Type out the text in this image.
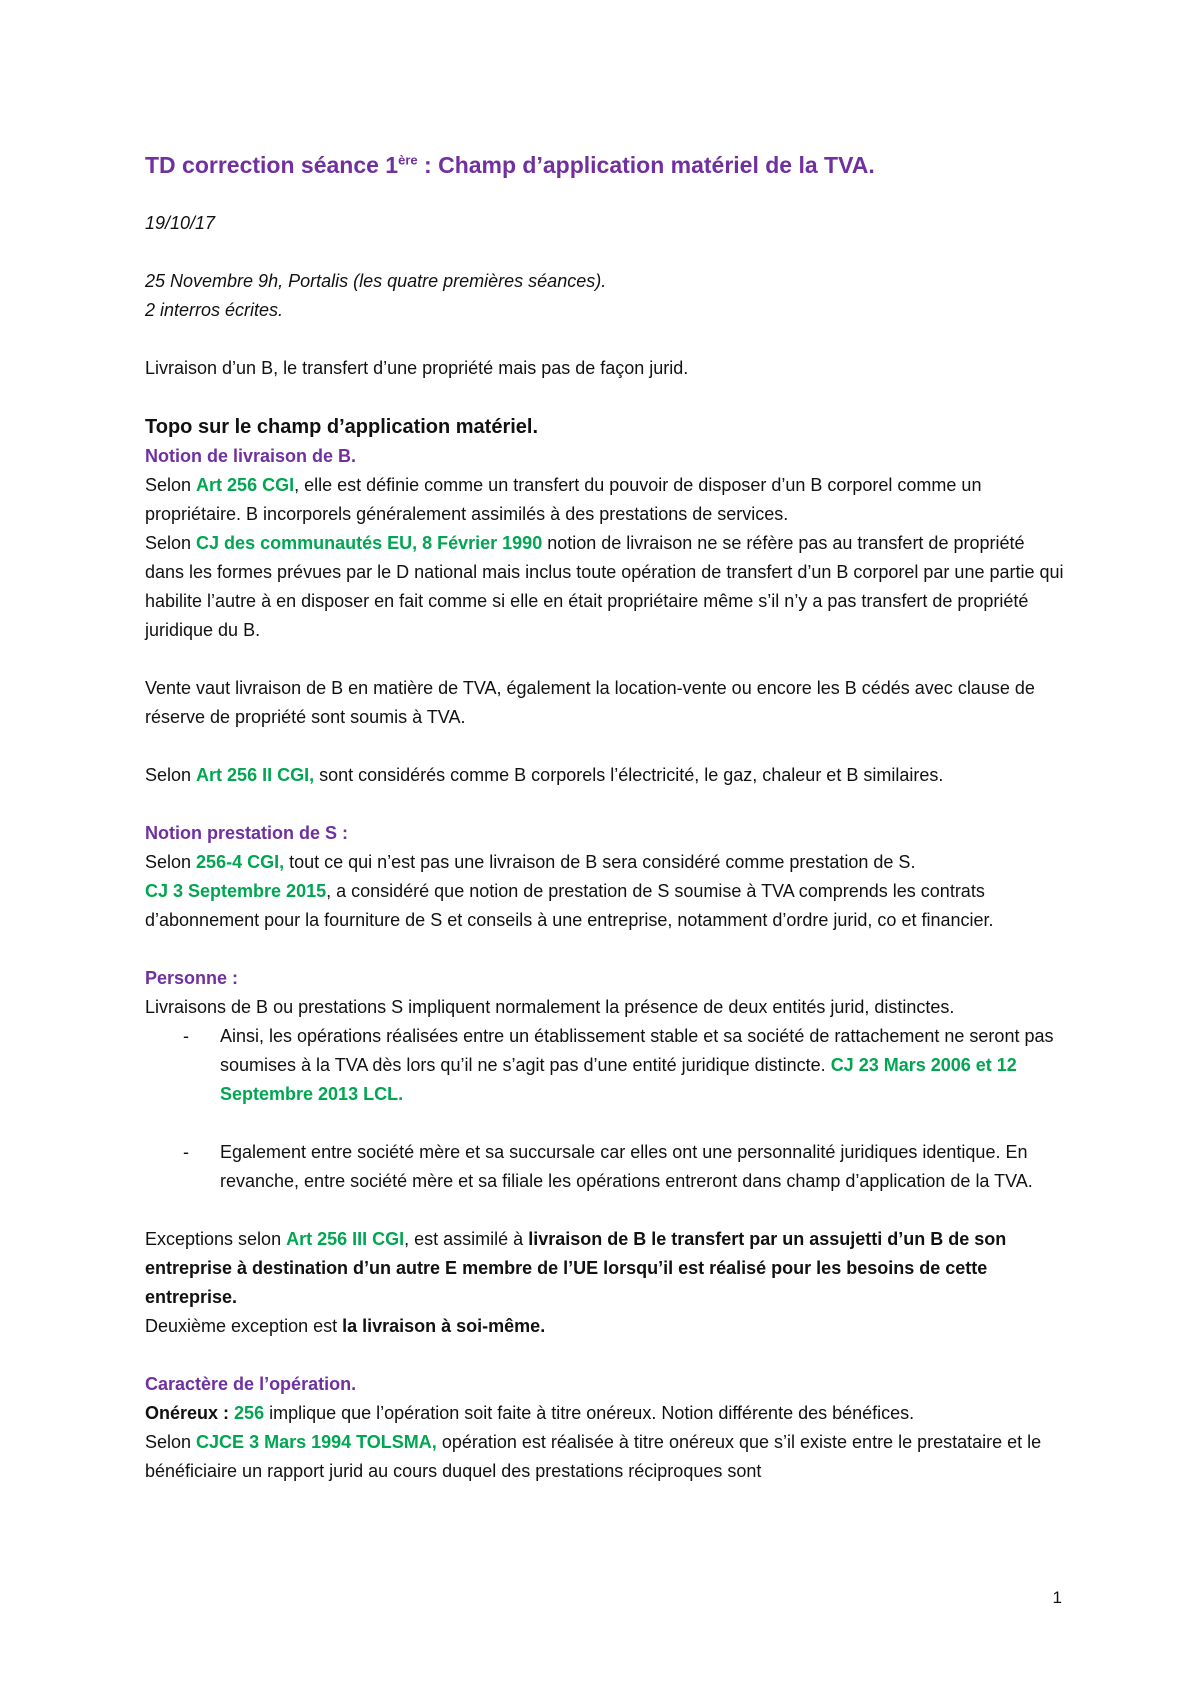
TD correction séance 1ère : Champ d’application matériel de la TVA.

19/10/17

25 Novembre 9h, Portalis (les quatre premières séances).

2 interros écrites.

Livraison d’un B, le transfert d’une propriété mais pas de façon jurid.

Topo sur le champ d’application matériel.

Notion de livraison de B.

Selon Art 256 CGI, elle est définie comme un transfert du pouvoir de disposer d’un B corporel comme un propriétaire. B incorporels généralement assimilés à des prestations de services.

Selon CJ des communautés EU, 8 Février 1990 notion de livraison ne se réfère pas au transfert de propriété dans les formes prévues par le D national mais inclus toute opération de transfert d’un B corporel par une partie qui habilite l’autre à en disposer en fait comme si elle en était propriétaire même s’il n’y a pas transfert de propriété juridique du B.

Vente vaut livraison de B en matière de TVA, également la location-vente ou encore les B cédés avec clause de réserve de propriété sont soumis à TVA.

Selon Art 256 II CGI, sont considérés comme B corporels l’électricité, le gaz, chaleur et B similaires.

Notion prestation de S :

Selon 256-4 CGI, tout ce qui n’est pas une livraison de B sera considéré comme prestation de S.

CJ 3 Septembre 2015, a considéré que notion de prestation de S soumise à TVA comprends les contrats d’abonnement pour la fourniture de S et conseils à une entreprise, notamment d’ordre jurid, co et financier.

Personne :

Livraisons de B ou prestations S impliquent normalement la présence de deux entités jurid, distinctes.

- Ainsi, les opérations réalisées entre un établissement stable et sa société de rattachement ne seront pas soumises à la TVA dès lors qu’il ne s’agit pas d’une entité juridique distincte. CJ 23 Mars 2006 et 12 Septembre 2013 LCL.
- Egalement entre société mère et sa succursale car elles ont une personnalité juridiques identique. En revanche, entre société mère et sa filiale les opérations entreront dans champ d’application de la TVA.

Exceptions selon Art 256 III CGI, est assimilé à livraison de B le transfert par un assujetti d’un B de son entreprise à destination d’un autre E membre de l’UE lorsqu’il est réalisé pour les besoins de cette entreprise.

Deuxième exception est la livraison à soi-même.

Caractère de l’opération.

Onéreux : 256 implique que l’opération soit faite à titre onéreux. Notion différente des bénéfices.

Selon CJCE 3 Mars 1994 TOLSMA, opération est réalisée à titre onéreux que s’il existe entre le prestataire et le bénéficiaire un rapport jurid au cours duquel des prestations réciproques sont

1
